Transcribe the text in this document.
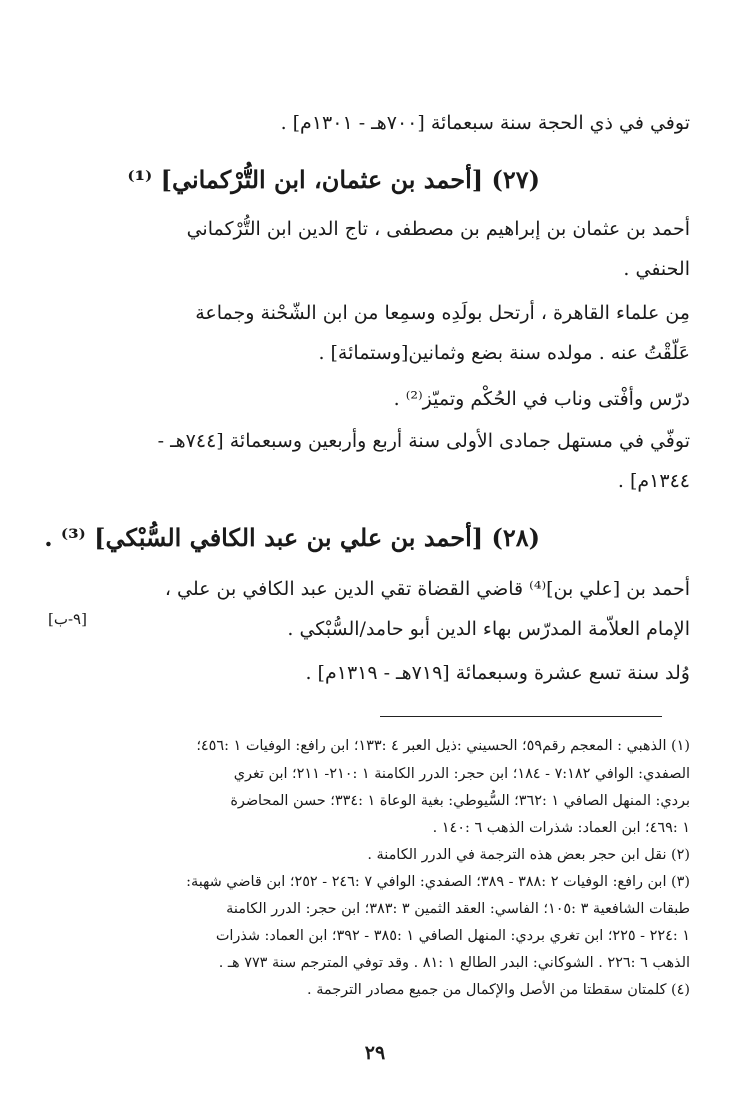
توفي في ذي الحجة سنة سبعمائة [٧٠٠هـ - ١٣٠١م] .
(٢٧) [أحمد بن عثمان، ابن التُّرْكماني] ⁽¹⁾
أحمد بن عثمان بن إبراهيم بن مصطفى ، تاج الدين ابن التُّرْكماني
الحنفي .
مِن علماء القاهرة ، أرتحل بولَدِه وسمِعا من ابن الشّحْنة وجماعة
عَلّقْتُ عنه . مولده سنة بضع وثمانين[وستمائة] .
درّس وأفْتى وناب في الحُكْم وتميّز⁽²⁾ .
توفّي في مستهل جمادى الأولى سنة أربع وأربعين وسبعمائة [٧٤٤هـ -
١٣٤٤م] .
(٢٨) [أحمد بن علي بن عبد الكافي السُّبْكي] ⁽³⁾ .
أحمد بن [علي بن]⁽⁴⁾ قاضي القضاة تقي الدين عبد الكافي بن علي ،
الإمام العلاّمة المدرّس بهاء الدين أبو حامد/السُّبْكي .
وُلد سنة تسع عشرة وسبعمائة [٧١٩هـ - ١٣١٩م] .
[٩-ب]
(١) الذهبي : المعجم رقم٥٩؛ الحسيني :ذيل العبر ٤ :١٣٣؛ ابن رافع: الوفيات ١ :٤٥٦؛
الصفدي: الوافي ٧:١٨٢ - ١٨٤؛ ابن حجر: الدرر الكامنة ١ :٢١٠- ٢١١؛ ابن تغري
بردي: المنهل الصافي ١ :٣٦٢؛ السُّيوطي: بغية الوعاة ١ :٣٣٤؛ حسن المحاضرة
١ :٤٦٩؛ ابن العماد: شذرات الذهب ٦ :١٤٠ .
(٢) نقل ابن حجر بعض هذه الترجمة في الدرر الكامنة .
(٣) ابن رافع: الوفيات ٢ :٣٨٨ - ٣٨٩؛ الصفدي: الوافي ٧ :٢٤٦ - ٢٥٢؛ ابن قاضي شهبة:
طبقات الشافعية ٣ :١٠٥؛ الفاسي: العقد الثمين ٣ :٣٨٣؛ ابن حجر: الدرر الكامنة
١ :٢٢٤ - ٢٢٥؛ ابن تغري بردي: المنهل الصافي ١ :٣٨٥ - ٣٩٢؛ ابن العماد: شذرات
الذهب ٦ :٢٢٦ . الشوكاني: البدر الطالع ١ :٨١ . وقد توفي المترجم سنة ٧٧٣ هـ .
(٤) كلمتان سقطتا من الأصل والإكمال من جميع مصادر الترجمة .
٢٩
